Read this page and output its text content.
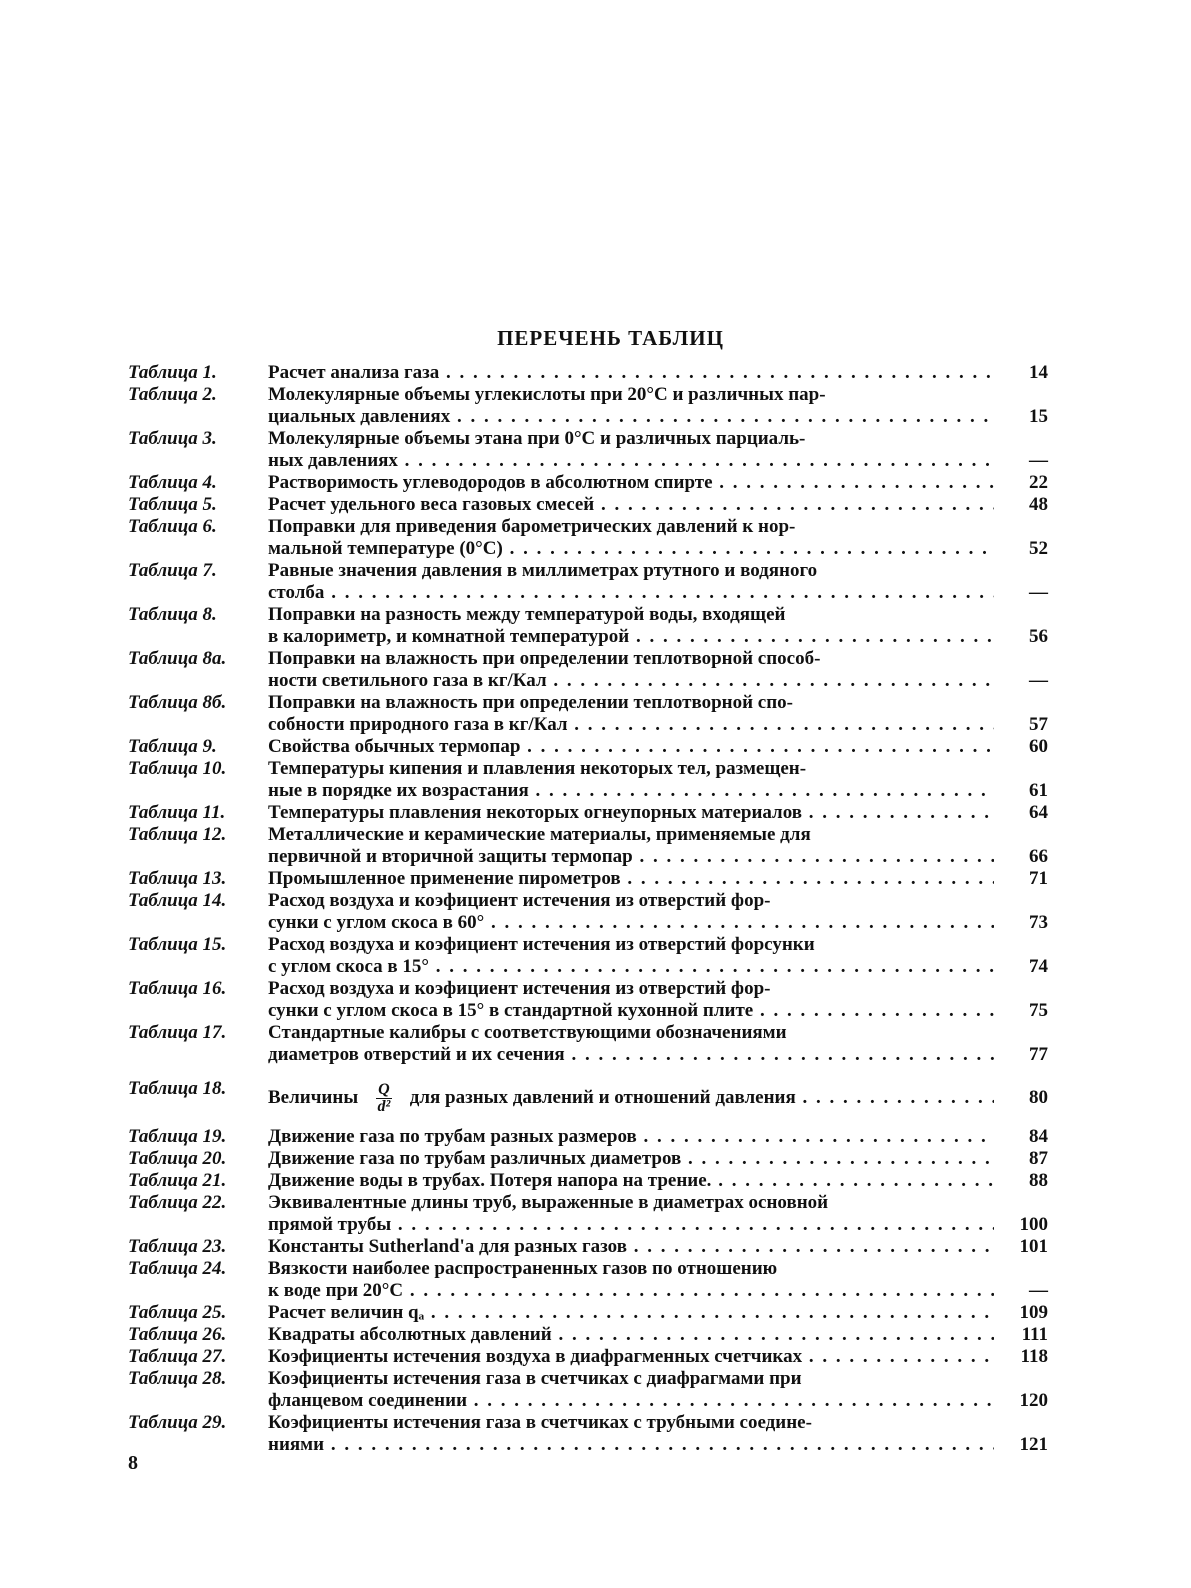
ПЕРЕЧЕНЬ ТАБЛИЦ
Таблица 1.	Расчет анализа газа . . .	14
Таблица 2.	Молекулярные объемы углекислоты при 20°С и различных пар-
циальных давлениях . . .	15
Таблица 3.	Молекулярные объемы этана при 0°С и различных парциаль-
ных давлениях . . .	—
Таблица 4.	Растворимость углеводородов в абсолютном спирте . . .	22
Таблица 5.	Расчет удельного веса газовых смесей . . .	48
Таблица 6.	Поправки для приведения барометрических давлений к нор-
мальной температуре (0°С) . . .	52
Таблица 7.	Равные значения давления в миллиметрах ртутного и водяного
столба . . .	—
Таблица 8.	Поправки на разность между температурой воды, входящей
в калориметр, и комнатной температурой . . .	56
Таблица 8а.	Поправки на влажность при определении теплотворной способ-
ности светильного газа в кг/Кал . . .	—
Таблица 8б.	Поправки на влажность при определении теплотворной спо-
собности природного газа в кг/Кал . . .	57
Таблица 9.	Свойства обычных термопар . . .	60
Таблица 10.	Температуры кипения и плавления некоторых тел, размещен-
ные в порядке их возрастания . . .	61
Таблица 11.	Температуры плавления некоторых огнеупорных материалов . . .	64
Таблица 12.	Металлические и керамические материалы, применяемые для
первичной и вторичной защиты термопар . . .	66
Таблица 13.	Промышленное применение пирометров . . .	71
Таблица 14.	Расход воздуха и коэфициент истечения из отверстий фор-
сунки с углом скоса в 60° . . .	73
Таблица 15.	Расход воздуха и коэфициент истечения из отверстий форсунки
с углом скоса в 15° . . .	74
Таблица 16.	Расход воздуха и коэфициент истечения из отверстий фор-
сунки с углом скоса в 15° в стандартной кухонной плите . . .	75
Таблица 17.	Стандартные калибры с соответствующими обозначениями
диаметров отверстий и их сечения . . .	77
Таблица 18.	Величины $\frac{Q}{\text{d²}}$ для разных давлений и отношений давления . . .	80
Таблица 19.	Движение газа по трубам разных размеров . . .	84
Таблица 20.	Движение газа по трубам различных диаметров . . .	87
Таблица 21.	Движение воды в трубах. Потеря напора на трение. . . .	88
Таблица 22.	Эквивалентные длины труб, выраженные в диаметрах основной
прямой трубы . . .	100
Таблица 23.	Константы Sutherland'а для разных газов . . .	101
Таблица 24.	Вязкости наиболее распространенных газов по отношению
к воде при 20°С . . .	—
Таблица 25.	Расчет величин qₐ . . .	109
Таблица 26.	Квадраты абсолютных давлений . . .	111
Таблица 27.	Коэфициенты истечения воздуха в диафрагменных счетчиках . . .	118
Таблица 28.	Коэфициенты истечения газа в счетчиках с диафрагмами при
фланцевом соединении . . .	120
Таблица 29.	Коэфициенты истечения газа в счетчиках с трубными соедине-
ниями . . .	121
8
